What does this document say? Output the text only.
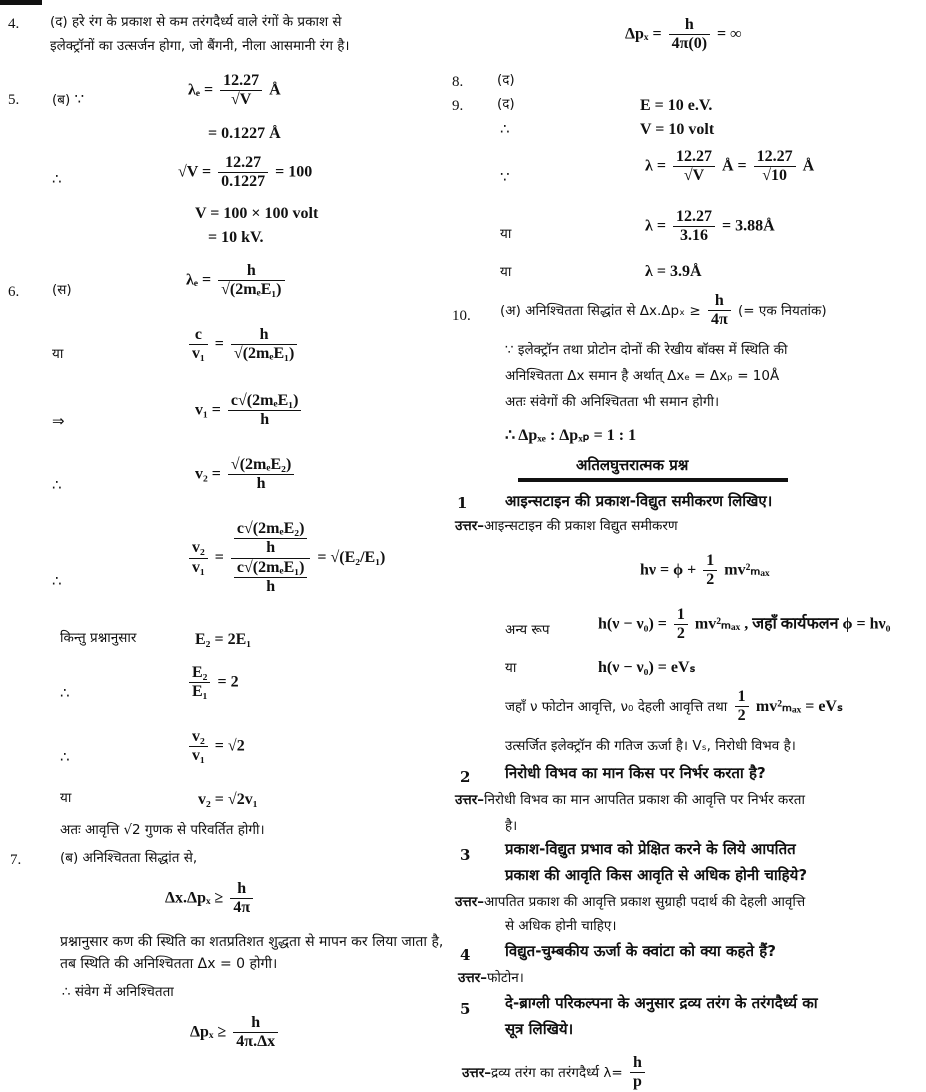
4. (द) हरे रंग के प्रकाश से कम तरंगदैर्ध्य वाले रंगों के प्रकाश से
इलेक्ट्रॉनों का उत्सर्जन होगा, जो बैंगनी, नीला आसमानी रंग है।
5. (ब) ∵	$\lambda_e = \frac{12.27}{√V}$ Å
= 0.1227 Å
∴	$√V = \frac{12.27}{0.1227} = 100$
V = 100 × 100 volt
= 10 kV.
6. (स)
$\lambda_e = \frac{h}{\text{√(2mₑE₁)}}$
या	$\frac{c}{\text{v₁}} = \frac{h}{\text{√(2mₑE₁)}}$
⇒
$v_1 = \frac{\text{c√(2mₑE₁)}}{h}$
∴
$v_2 = \frac{\text{√(2mₑE₂)}}{h}$
∴
$\frac{\text{v₂}}{\text{v₁}} = \frac{\frac{\text{c√(2mₑE₂)}}{h}}{\frac{\text{c√(2mₑE₁)}}{h}} = √(E_2/E_1)$
किन्तु प्रश्नानुसार	E₂ = 2E₁
∴	$\frac{\text{E₂}}{\text{E₁}} = 2$
∴	$\frac{\text{v₂}}{\text{v₁}} = √2$
या	v₂ = √2v₁
अतः आवृत्ति √2 गुणक से परिवर्तित होगी।
7.	(ब) अनिश्चितता सिद्धांत से,
$\Delta x.\Delta p_x \ge \frac{h}{4\pi}$
प्रश्नानुसार कण की स्थिति का शतप्रतिशत शुद्धता से मापन कर लिया जाता है, तब स्थिति की अनिश्चितता Δx = 0 होगी।
∴ संवेग में अनिश्चितता
$\Delta p_x \ge \frac{h}{4\pi.\Delta x}$
$\Delta p_x = \frac{h}{4\pi(0)}$ = ∞
8.	(द)
9.	(द)	E = 10 e.V.
∴	V = 10 volt
∵
$\lambda = \frac{12.27}{√V}$ Å = $\frac{12.27}{√10}$ Å
या	$\lambda = \frac{12.27}{3.16}$ = 3.88Å
या	λ = 3.9Å
10. (अ) अनिश्चितता सिद्धांत से $\Delta x.\Delta p_x \ge \frac{h}{4\pi}$ (= एक नियतांक)
∵ इलेक्ट्रॉन तथा प्रोटोन दोनों की रेखीय बॉक्स में स्थिति की
अनिश्चितता Δx समान है अर्थात् Δxₑ = Δxₚ = 10Å
अतः संवेगों की अनिश्चितता भी समान होगी।
∴ Δpₓₑ : Δpₓₚ = 1 : 1
अतिलघुत्तरात्मक प्रश्न
1	आइन्सटाइन की प्रकाश-विद्युत समीकरण लिखिए।
उत्तर–आइन्सटाइन की प्रकाश विद्युत समीकरण
$h\nu = \phi + \frac{1}{2} mv^2_{max}$
अन्य रूप	$h(\nu - \nu_0) = \frac{1}{2} mv^2_{max}$ , जहाँ कार्यफलन ϕ = hν₀
या	h(ν − ν₀) = eVₛ
जहाँ ν फोटोन आवृत्ति, ν₀ देहली आवृत्ति तथा $\frac{1}{2} mv^2_{max} = eV_s$
उत्सर्जित इलेक्ट्रॉन की गतिज ऊर्जा है। Vₛ, निरोधी विभव है।
2 निरोधी विभव का मान किस पर निर्भर करता है?
उत्तर–निरोधी विभव का मान आपतित प्रकाश की आवृत्ति पर निर्भर करता
है।
3 प्रकाश-विद्युत प्रभाव को प्रेक्षित करने के लिये आपतित
प्रकाश की आवृति किस आवृति से अधिक होनी चाहिये?
उत्तर–आपतित प्रकाश की आवृत्ति प्रकाश सुग्राही पदार्थ की देहली आवृत्ति
से अधिक होनी चाहिए।
4 विद्युत-चुम्बकीय ऊर्जा के क्वांटा को क्या कहते हैं?
उत्तर–फोटोन।
5 दे-ब्राग्ली परिकल्पना के अनुसार द्रव्य तरंग के तरंगदैर्ध्य का
सूत्र लिखिये।
उत्तर–द्रव्य तरंग का तरंगदैर्ध्य $\lambda= \frac{h}{p}$
